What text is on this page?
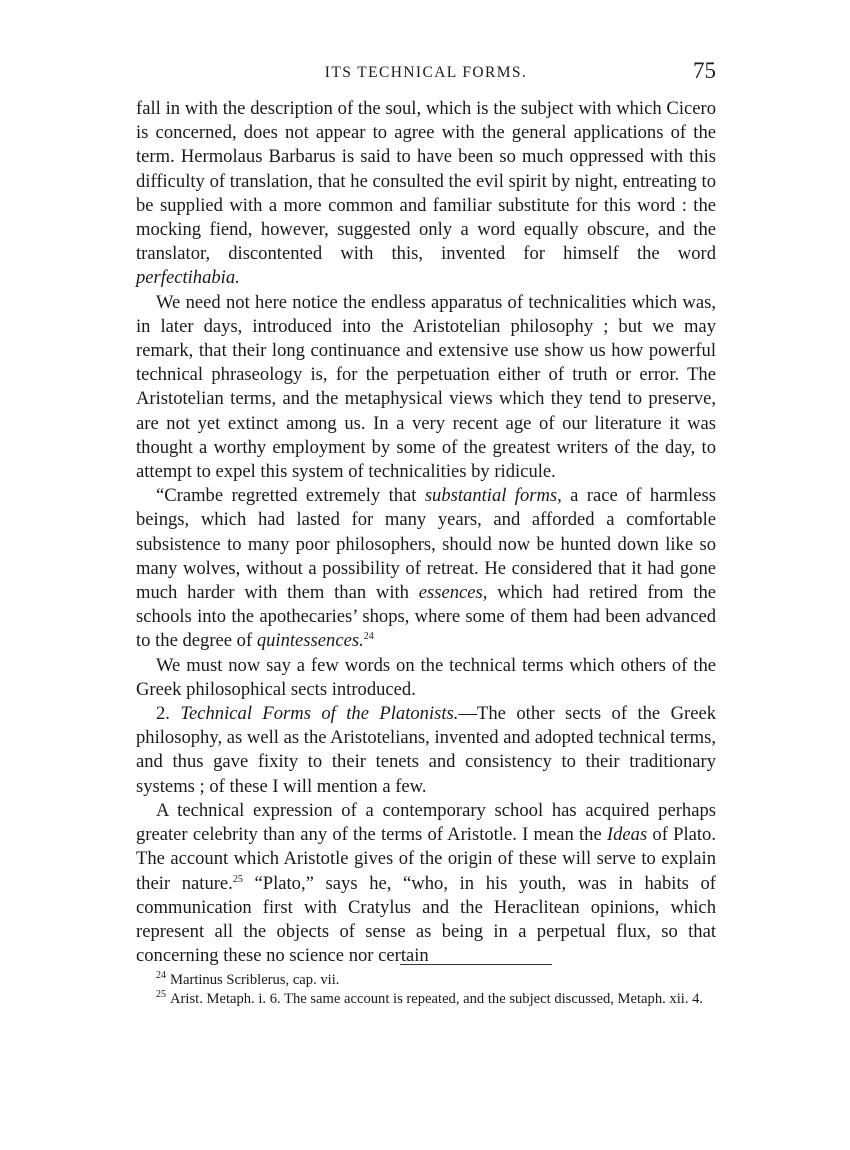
ITS TECHNICAL FORMS.	75

fall in with the description of the soul, which is the subject with which Cicero is concerned, does not appear to agree with the general applications of the term. Hermolaus Barbarus is said to have been so much oppressed with this difficulty of translation, that he consulted the evil spirit by night, entreating to be supplied with a more common and familiar substitute for this word : the mocking fiend, however, suggested only a word equally obscure, and the translator, discontented with this, invented for himself the word perfectihabia.

We need not here notice the endless apparatus of technicalities which was, in later days, introduced into the Aristotelian philosophy ; but we may remark, that their long continuance and extensive use show us how powerful technical phraseology is, for the perpetuation either of truth or error. The Aristotelian terms, and the metaphysical views which they tend to preserve, are not yet extinct among us. In a very recent age of our literature it was thought a worthy employment by some of the greatest writers of the day, to attempt to expel this system of technicalities by ridicule.

“Crambe regretted extremely that substantial forms, a race of harmless beings, which had lasted for many years, and afforded a comfortable subsistence to many poor philosophers, should now be hunted down like so many wolves, without a possibility of retreat. He considered that it had gone much harder with them than with essences, which had retired from the schools into the apothecaries’ shops, where some of them had been advanced to the degree of quintessences.$^{24}$

We must now say a few words on the technical terms which others of the Greek philosophical sects introduced.

2. Technical Forms of the Platonists.—The other sects of the Greek philosophy, as well as the Aristotelians, invented and adopted technical terms, and thus gave fixity to their tenets and consistency to their traditionary systems ; of these I will mention a few.

A technical expression of a contemporary school has acquired perhaps greater celebrity than any of the terms of Aristotle. I mean the Ideas of Plato. The account which Aristotle gives of the origin of these will serve to explain their nature.$^{25}$ “Plato,” says he, “who, in his youth, was in habits of communication first with Cratylus and the Heraclitean opinions, which represent all the objects of sense as being in a perpetual flux, so that concerning these no science nor certain

$^{24}$ Martinus Scriblerus, cap. vii.

$^{25}$ Arist. Metaph. i. 6. The same account is repeated, and the subject discussed, Metaph. xii. 4.
